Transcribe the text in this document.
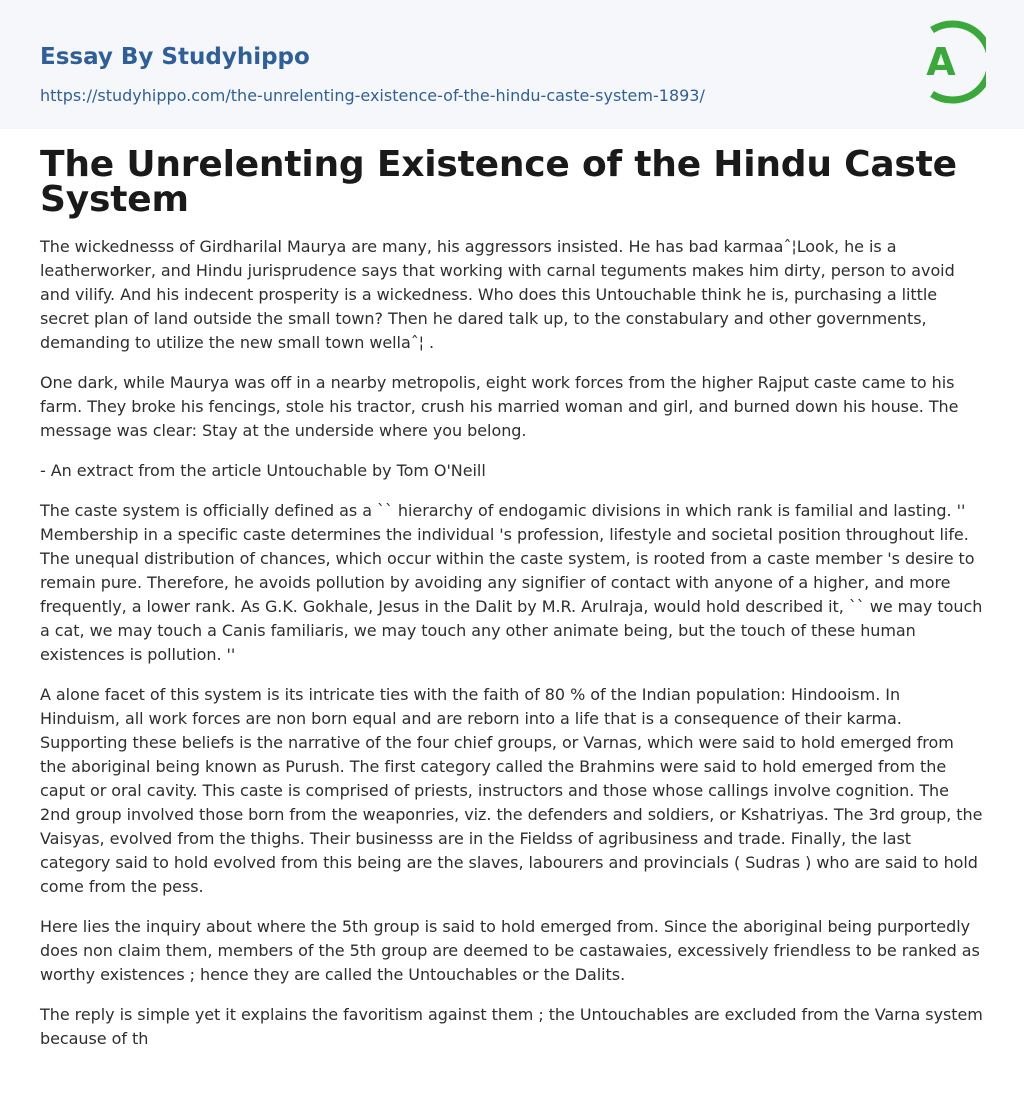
Essay By Studyhippo
https://studyhippo.com/the-unrelenting-existence-of-the-hindu-caste-system-1893/
A
The Unrelenting Existence of the Hindu Caste System

The wickednesss of Girdharilal Maurya are many, his aggressors insisted. He has bad karmaaˆ¦Look, he is a leatherworker, and Hindu jurisprudence says that working with carnal teguments makes him dirty, person to avoid and vilify. And his indecent prosperity is a wickedness. Who does this Untouchable think he is, purchasing a little secret plan of land outside the small town? Then he dared talk up, to the constabulary and other governments, demanding to utilize the new small town wellaˆ¦ .

One dark, while Maurya was off in a nearby metropolis, eight work forces from the higher Rajput caste came to his farm. They broke his fencings, stole his tractor, crush his married woman and girl, and burned down his house. The message was clear: Stay at the underside where you belong.

- An extract from the article Untouchable by Tom O'Neill

The caste system is officially defined as a `` hierarchy of endogamic divisions in which rank is familial and lasting. '' Membership in a specific caste determines the individual 's profession, lifestyle and societal position throughout life. The unequal distribution of chances, which occur within the caste system, is rooted from a caste member 's desire to remain pure. Therefore, he avoids pollution by avoiding any signifier of contact with anyone of a higher, and more frequently, a lower rank. As G.K. Gokhale, Jesus in the Dalit by M.R. Arulraja, would hold described it, `` we may touch a cat, we may touch a Canis familiaris, we may touch any other animate being, but the touch of these human existences is pollution. ''

A alone facet of this system is its intricate ties with the faith of 80 % of the Indian population: Hindooism. In Hinduism, all work forces are non born equal and are reborn into a life that is a consequence of their karma. Supporting these beliefs is the narrative of the four chief groups, or Varnas, which were said to hold emerged from the aboriginal being known as Purush. The first category called the Brahmins were said to hold emerged from the caput or oral cavity. This caste is comprised of priests, instructors and those whose callings involve cognition. The 2nd group involved those born from the weaponries, viz. the defenders and soldiers, or Kshatriyas. The 3rd group, the Vaisyas, evolved from the thighs. Their businesss are in the Fieldss of agribusiness and trade. Finally, the last category said to hold evolved from this being are the slaves, labourers and provincials ( Sudras ) who are said to hold come from the pess.

Here lies the inquiry about where the 5th group is said to hold emerged from. Since the aboriginal being purportedly does non claim them, members of the 5th group are deemed to be castawaies, excessively friendless to be ranked as worthy existences ; hence they are called the Untouchables or the Dalits.

The reply is simple yet it explains the favoritism against them ; the Untouchables are excluded from the Varna system because of th
